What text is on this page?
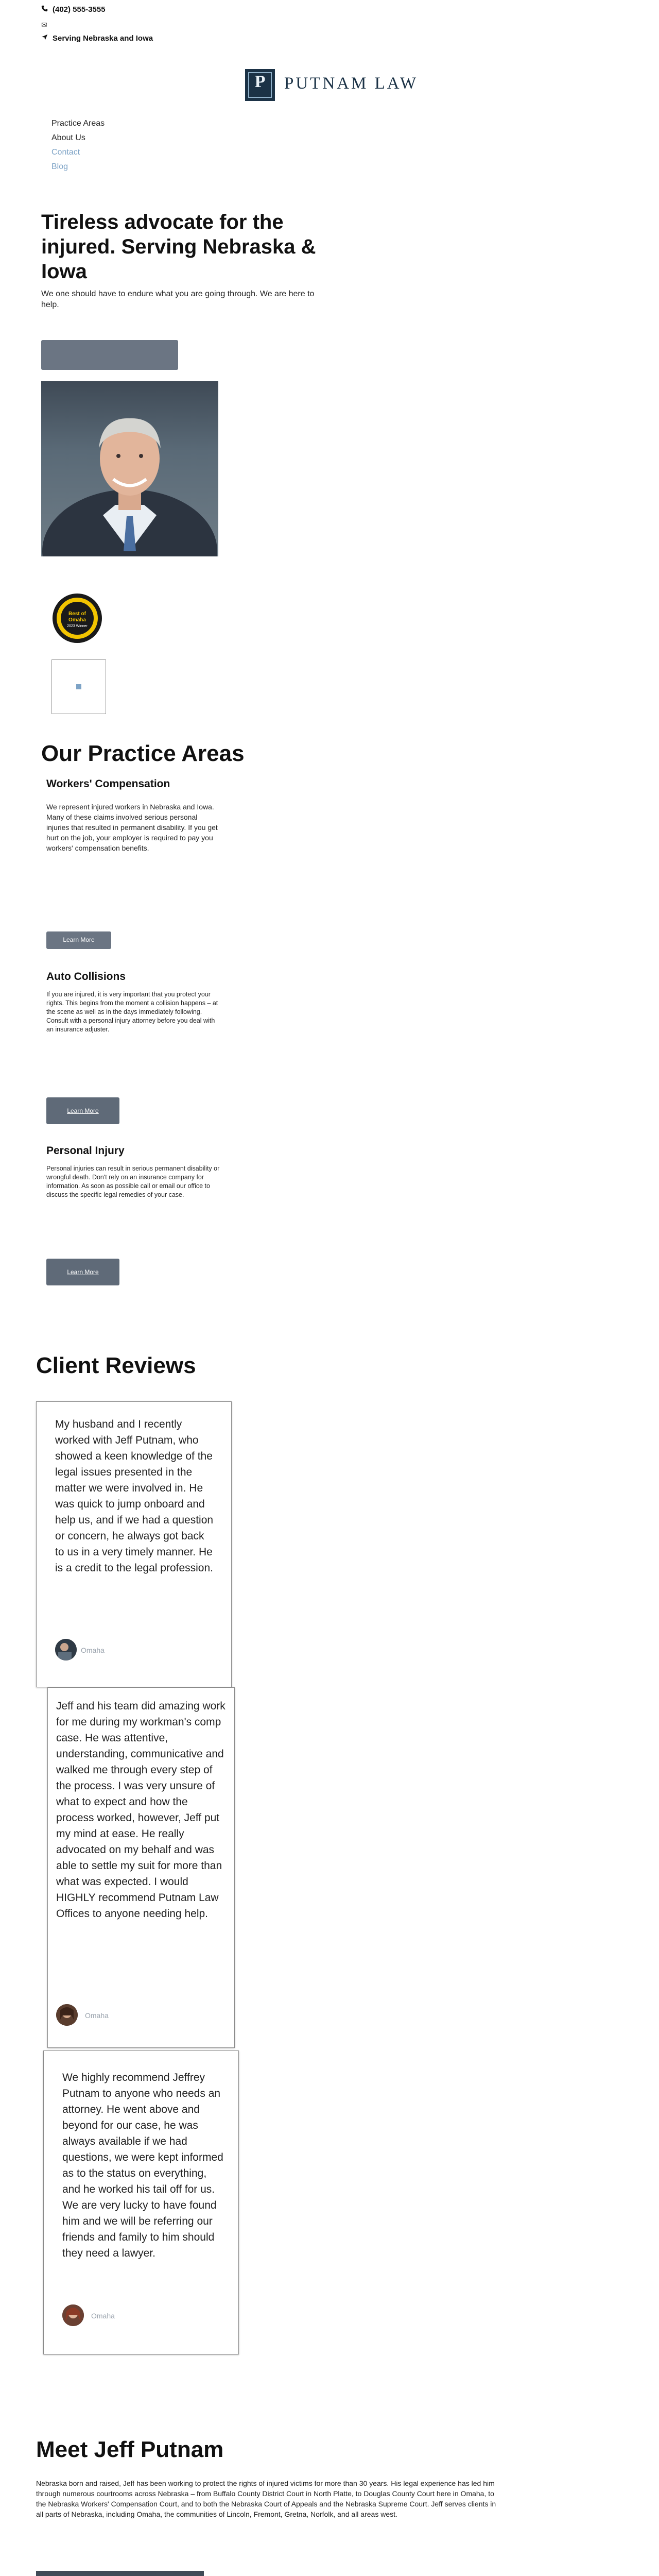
(402) 555-3555
✉
Serving Nebraska and Iowa
P	PUTNAM LAW
Practice Areas
About Us
Contact
Blog
Tireless advocate for the injured. Serving Nebraska & Iowa
We one should have to endure what you are going through. We are here to help.
Best of Omaha
2023 Winner
Our Practice Areas
Workers' Compensation
We represent injured workers in Nebraska and Iowa. Many of these claims involved serious personal injuries that resulted in permanent disability. If you get hurt on the job, your employer is required to pay you workers' compensation benefits.
Learn More
Auto Collisions
If you are injured, it is very important that you protect your rights. This begins from the moment a collision happens – at the scene as well as in the days immediately following. Consult with a personal injury attorney before you deal with an insurance adjuster.
Learn More
Personal Injury
Personal injuries can result in serious permanent disability or wrongful death. Don't rely on an insurance company for information. As soon as possible call or email our office to discuss the specific legal remedies of your case.
Learn More
Client Reviews
My husband and I recently worked with Jeff Putnam, who showed a keen knowledge of the legal issues presented in the matter we were involved in. He was quick to jump onboard and help us, and if we had a question or concern, he always got back to us in a very timely manner. He is a credit to the legal profession.
Omaha
Jeff and his team did amazing work for me during my workman's comp case. He was attentive, understanding, communicative and walked me through every step of the process. I was very unsure of what to expect and how the process worked, however, Jeff put my mind at ease. He really advocated on my behalf and was able to settle my suit for more than what was expected. I would HIGHLY recommend Putnam Law Offices to anyone needing help.
Omaha
We highly recommend Jeffrey Putnam to anyone who needs an attorney. He went above and beyond for our case, he was always available if we had questions, we were kept informed as to the status on everything, and he worked his tail off for us. We are very lucky to have found him and we will be referring our friends and family to him should they need a lawyer.
Omaha
Meet Jeff Putnam
Nebraska born and raised, Jeff has been working to protect the rights of injured victims for more than 30 years. His legal experience has led him through numerous courtrooms across Nebraska – from Buffalo County District Court in North Platte, to Douglas County Court here in Omaha, to the Nebraska Workers' Compensation Court, and to both the Nebraska Court of Appeals and the Nebraska Supreme Court. Jeff serves clients in all parts of Nebraska, including Omaha, the communities of Lincoln, Fremont, Gretna, Norfolk, and all areas west.
